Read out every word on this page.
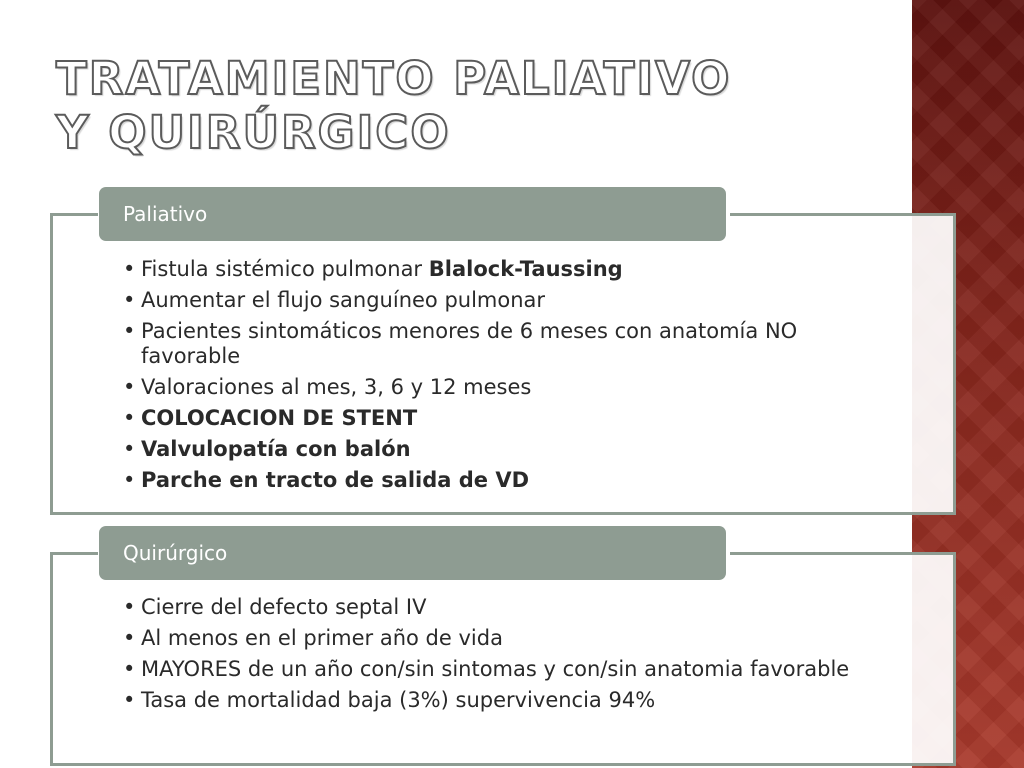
TRATAMIENTO PALIATIVO Y QUIRÚRGICO
Paliativo
• Fistula sistémico pulmonar Blalock-Taussing
• Aumentar el flujo sanguíneo pulmonar
• Pacientes sintomáticos menores de 6 meses con anatomía NO favorable
• Valoraciones al mes, 3, 6 y 12 meses
• COLOCACION DE STENT
• Valvulopatía con balón
• Parche en tracto de salida de VD
Quirúrgico
• Cierre del defecto septal IV
• Al menos en el primer año de vida
• MAYORES de un año con/sin sintomas y con/sin anatomia favorable
• Tasa de mortalidad baja (3%) supervivencia 94%
